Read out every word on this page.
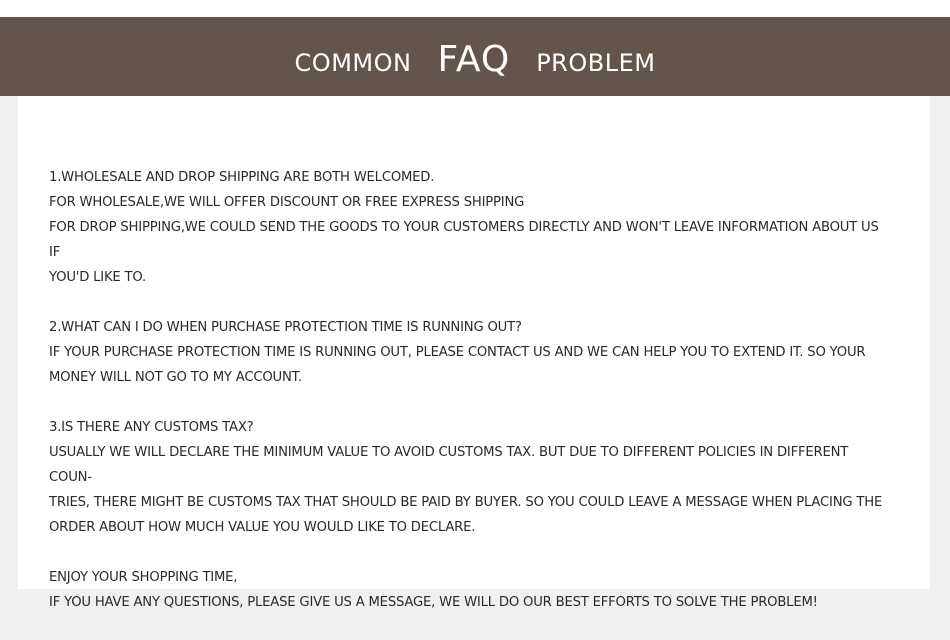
COMMON FAQ PROBLEM
1.WHOLESALE AND DROP SHIPPING ARE BOTH WELCOMED.
FOR WHOLESALE,WE WILL OFFER DISCOUNT OR FREE EXPRESS SHIPPING
FOR DROP SHIPPING,WE COULD SEND THE GOODS TO YOUR CUSTOMERS DIRECTLY AND WON'T LEAVE INFORMATION ABOUT US IF
YOU'D LIKE TO.
2.WHAT CAN I DO WHEN PURCHASE PROTECTION TIME IS RUNNING OUT?
IF YOUR PURCHASE PROTECTION TIME IS RUNNING OUT, PLEASE CONTACT US AND WE CAN HELP YOU TO EXTEND IT. SO YOUR
MONEY WILL NOT GO TO MY ACCOUNT.
3.IS THERE ANY CUSTOMS TAX?
USUALLY WE WILL DECLARE THE MINIMUM VALUE TO AVOID CUSTOMS TAX. BUT DUE TO DIFFERENT POLICIES IN DIFFERENT COUN-
TRIES, THERE MIGHT BE CUSTOMS TAX THAT SHOULD BE PAID BY BUYER. SO YOU COULD LEAVE A MESSAGE WHEN PLACING THE
ORDER ABOUT HOW MUCH VALUE YOU WOULD LIKE TO DECLARE.
ENJOY YOUR SHOPPING TIME,
IF YOU HAVE ANY QUESTIONS, PLEASE GIVE US A MESSAGE, WE WILL DO OUR BEST EFFORTS TO SOLVE THE PROBLEM!
